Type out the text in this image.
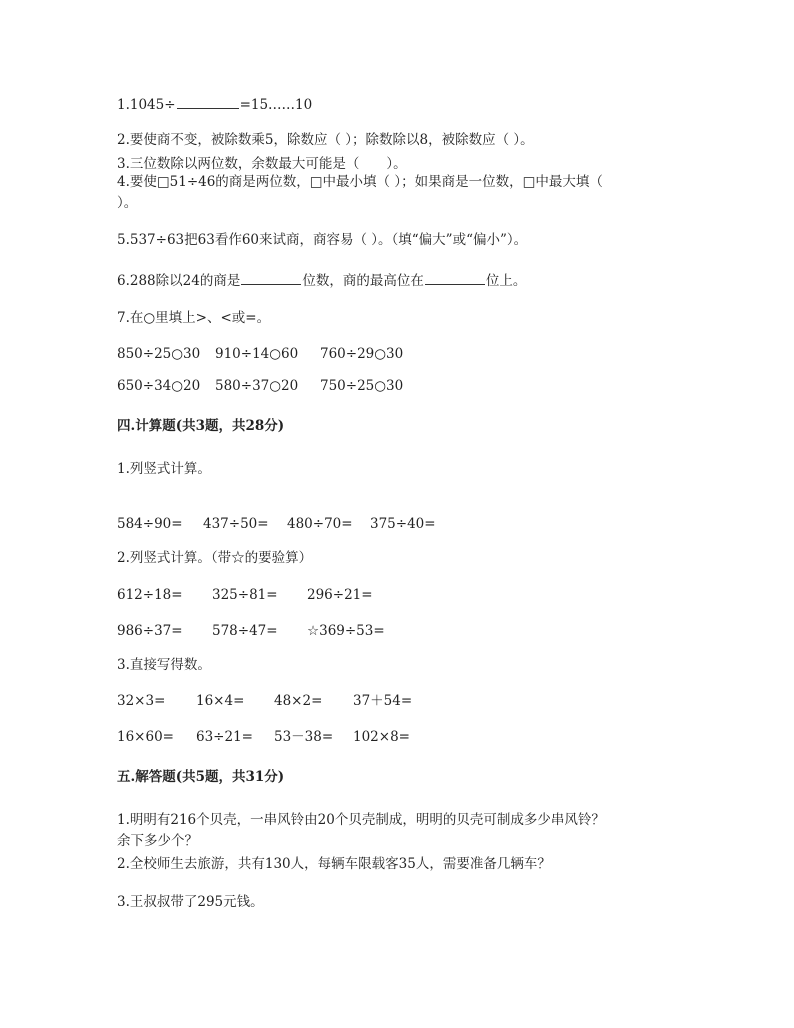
1.1045÷	=15……10
2.要使商不变，被除数乘5，除数应（ ）；除数除以8，被除数应（ ）。
3.三位数除以两位数，余数最大可能是（　　）。
4.要使□51÷46的商是两位数，□中最小填（ ）；如果商是一位数，□中最大填（
）。
5.537÷63把63看作60来试商，商容易（ ）。（填“偏大”或“偏小”）。
6.288除以24的商是	位数，商的最高位在	位上。
7.在○里填上>、<或=。
850÷25○30 910÷14○60 760÷29○30
650÷34○20 580÷37○20 750÷25○30
四.计算题(共3题，共28分)
1.列竖式计算。
584÷90= 437÷50= 480÷70= 375÷40=
2.列竖式计算。（带☆的要验算）
612÷18= 325÷81= 296÷21=
986÷37= 578÷47= ☆369÷53=
3.直接写得数。
32×3= 16×4= 48×2= 37＋54=
16×60= 63÷21= 53－38= 102×8=
五.解答题(共5题，共31分)
1.明明有216个贝壳，一串风铃由20个贝壳制成，明明的贝壳可制成多少串风铃？
余下多少个？
2.全校师生去旅游，共有130人，每辆车限载客35人，需要准备几辆车？
3.王叔叔带了295元钱。
